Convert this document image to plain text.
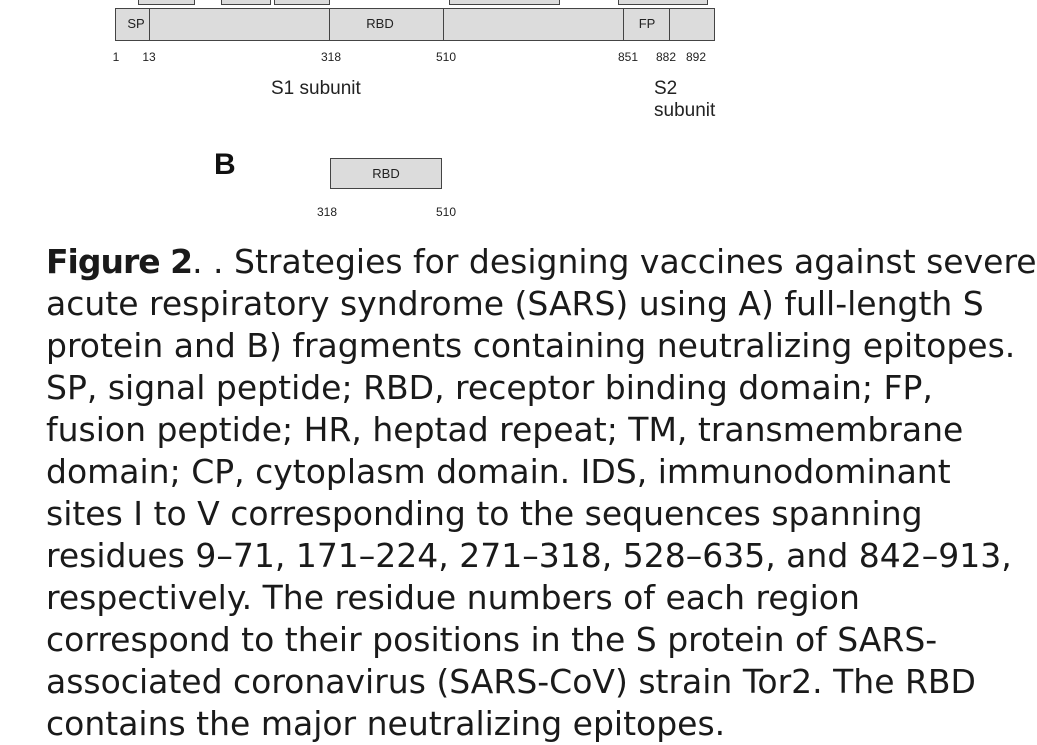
SP	RBD	FP
1 13	318	510	851 882 892
S1 subunit	S2 subunit
B	RBD
318	510
Figure 2. . Strategies for designing vaccines against severe
acute respiratory syndrome (SARS) using A) full-length S
protein and B) fragments containing neutralizing epitopes.
SP, signal peptide; RBD, receptor binding domain; FP,
fusion peptide; HR, heptad repeat; TM, transmembrane
domain; CP, cytoplasm domain. IDS, immunodominant
sites I to V corresponding to the sequences spanning
residues 9–71, 171–224, 271–318, 528–635, and 842–913,
respectively. The residue numbers of each region
correspond to their positions in the S protein of SARS-
associated coronavirus (SARS-CoV) strain Tor2. The RBD
contains the major neutralizing epitopes.
